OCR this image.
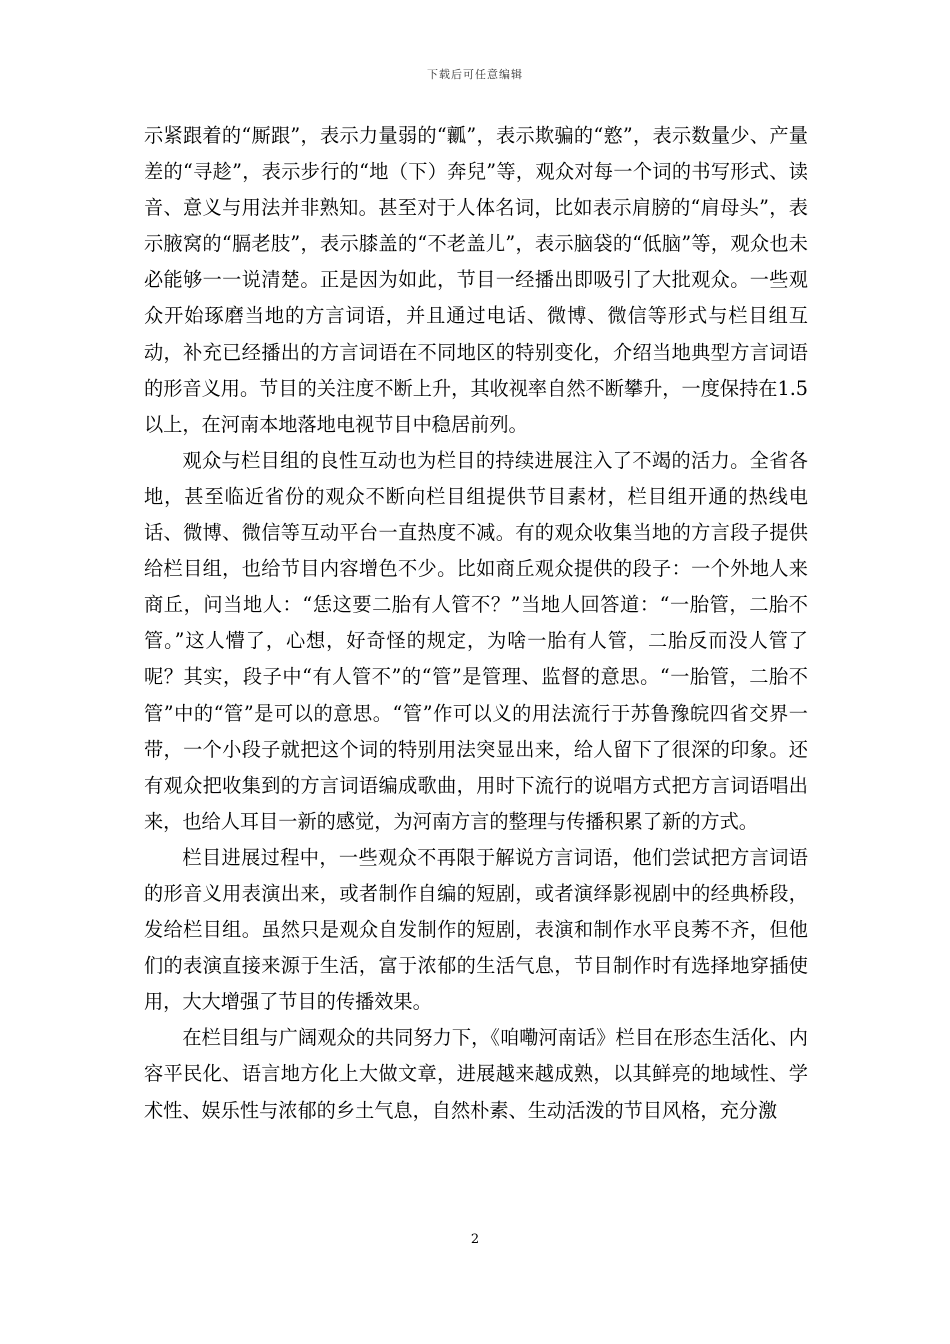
下载后可任意编辑

示紧跟着的“厮跟”，表示力量弱的“瓤”，表示欺骗的“憝”，表示数量少、产量差的“寻趁”，表示步行的“地（下）奔兒”等，观众对每一个词的书写形式、读音、意义与用法并非熟知。甚至对于人体名词，比如表示肩膀的“肩母头”，表示腋窝的“膈老肢”，表示膝盖的“不老盖儿”，表示脑袋的“低脑”等，观众也未必能够一一说清楚。正是因为如此，节目一经播出即吸引了大批观众。一些观众开始琢磨当地的方言词语，并且通过电话、微博、微信等形式与栏目组互动，补充已经播出的方言词语在不同地区的特别变化，介绍当地典型方言词语的形音义用。节目的关注度不断上升，其收视率自然不断攀升，一度保持在1.5以上，在河南本地落地电视节目中稳居前列。

观众与栏目组的良性互动也为栏目的持续进展注入了不竭的活力。全省各地，甚至临近省份的观众不断向栏目组提供节目素材，栏目组开通的热线电话、微博、微信等互动平台一直热度不减。有的观众收集当地的方言段子提供给栏目组，也给节目内容增色不少。比如商丘观众提供的段子：一个外地人来商丘，问当地人：“恁这要二胎有人管不？”当地人回答道：“一胎管，二胎不管。”这人懵了，心想，好奇怪的规定，为啥一胎有人管，二胎反而没人管了呢？其实，段子中“有人管不”的“管”是管理、监督的意思。“一胎管，二胎不管”中的“管”是可以的意思。“管”作可以义的用法流行于苏鲁豫皖四省交界一带，一个小段子就把这个词的特别用法突显出来，给人留下了很深的印象。还有观众把收集到的方言词语编成歌曲，用时下流行的说唱方式把方言词语唱出来，也给人耳目一新的感觉，为河南方言的整理与传播积累了新的方式。

栏目进展过程中，一些观众不再限于解说方言词语，他们尝试把方言词语的形音义用表演出来，或者制作自编的短剧，或者演绎影视剧中的经典桥段，发给栏目组。虽然只是观众自发制作的短剧，表演和制作水平良莠不齐，但他们的表演直接来源于生活，富于浓郁的生活气息，节目制作时有选择地穿插使用，大大增强了节目的传播效果。

在栏目组与广阔观众的共同努力下，《咱嘞河南话》栏目在形态生活化、内容平民化、语言地方化上大做文章，进展越来越成熟，以其鲜亮的地域性、学术性、娱乐性与浓郁的乡土气息，自然朴素、生动活泼的节目风格，充分激

2
